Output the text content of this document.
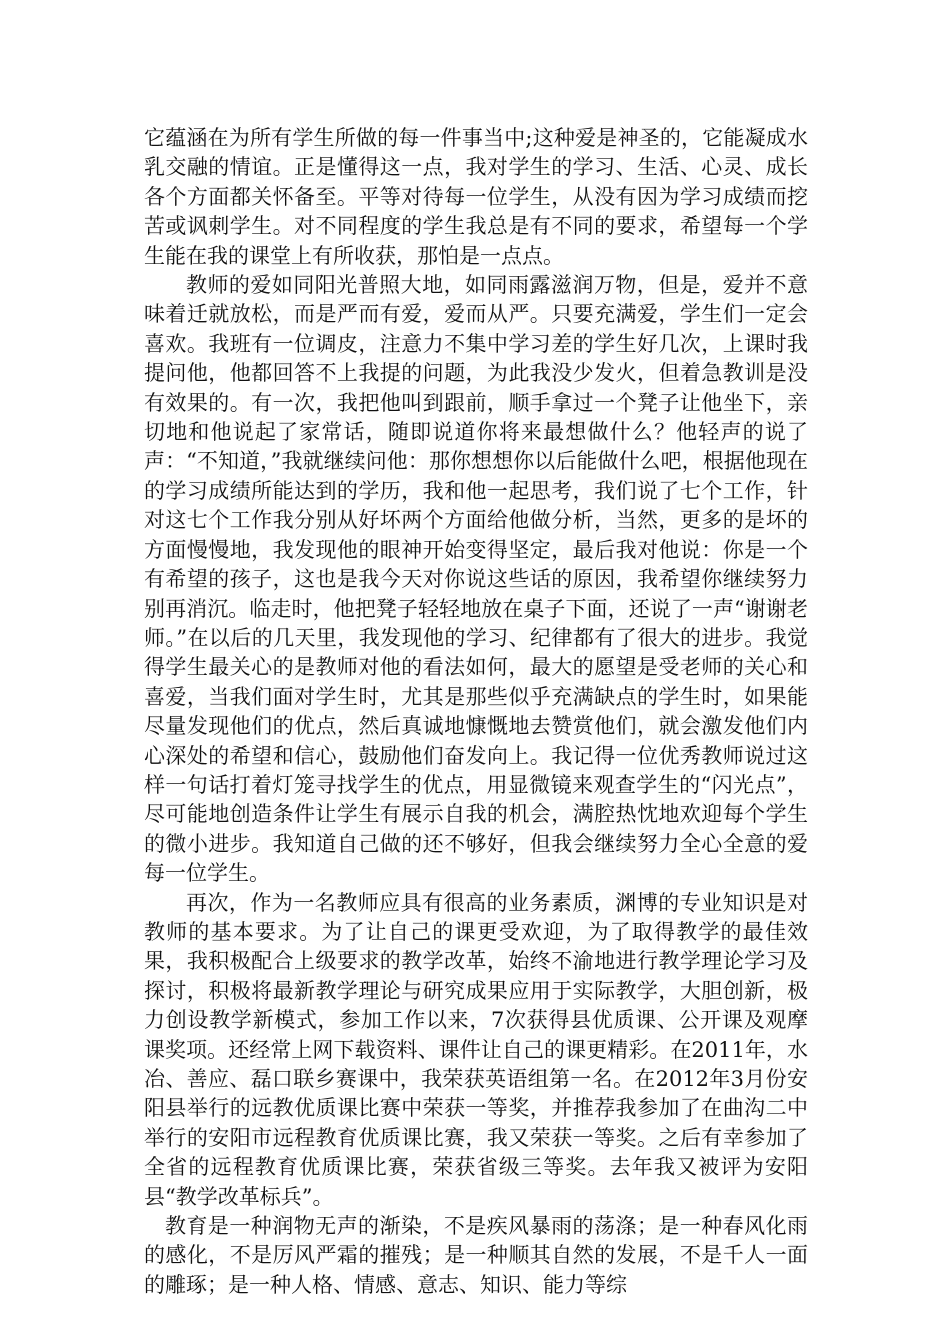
它蕴涵在为所有学生所做的每一件事当中;这种爱是神圣的，它能凝成水乳交融的情谊。正是懂得这一点，我对学生的学习、生活、心灵、成长各个方面都关怀备至。平等对待每一位学生，从没有因为学习成绩而挖苦或讽刺学生。对不同程度的学生我总是有不同的要求，希望每一个学生能在我的课堂上有所收获，那怕是一点点。

教师的爱如同阳光普照大地，如同雨露滋润万物，但是，爱并不意味着迁就放松，而是严而有爱，爱而从严。只要充满爱，学生们一定会喜欢。我班有一位调皮，注意力不集中学习差的学生好几次，上课时我提问他，他都回答不上我提的问题，为此我没少发火，但着急教训是没有效果的。有一次，我把他叫到跟前，顺手拿过一个凳子让他坐下，亲切地和他说起了家常话，随即说道你将来最想做什么？他轻声的说了声：“不知道，”我就继续问他：那你想想你以后能做什么吧，根据他现在的学习成绩所能达到的学历，我和他一起思考，我们说了七个工作，针对这七个工作我分别从好坏两个方面给他做分析，当然，更多的是坏的方面慢慢地，我发现他的眼神开始变得坚定，最后我对他说：你是一个有希望的孩子，这也是我今天对你说这些话的原因，我希望你继续努力别再消沉。临走时，他把凳子轻轻地放在桌子下面，还说了一声“谢谢老师。”在以后的几天里，我发现他的学习、纪律都有了很大的进步。我觉得学生最关心的是教师对他的看法如何，最大的愿望是受老师的关心和喜爱，当我们面对学生时，尤其是那些似乎充满缺点的学生时，如果能尽量发现他们的优点，然后真诚地慷慨地去赞赏他们，就会激发他们内心深处的希望和信心，鼓励他们奋发向上。我记得一位优秀教师说过这样一句话打着灯笼寻找学生的优点，用显微镜来观查学生的“闪光点”，尽可能地创造条件让学生有展示自我的机会，满腔热忱地欢迎每个学生的微小进步。我知道自己做的还不够好，但我会继续努力全心全意的爱每一位学生。

再次，作为一名教师应具有很高的业务素质，渊博的专业知识是对教师的基本要求。为了让自己的课更受欢迎，为了取得教学的最佳效果，我积极配合上级要求的教学改革，始终不渝地进行教学理论学习及探讨，积极将最新教学理论与研究成果应用于实际教学，大胆创新，极力创设教学新模式，参加工作以来，7次获得县优质课、公开课及观摩课奖项。还经常上网下载资料、课件让自己的课更精彩。在2011年，水冶、善应、磊口联乡赛课中，我荣获英语组第一名。在2012年3月份安阳县举行的远教优质课比赛中荣获一等奖，并推荐我参加了在曲沟二中举行的安阳市远程教育优质课比赛，我又荣获一等奖。之后有幸参加了全省的远程教育优质课比赛，荣获省级三等奖。去年我又被评为安阳县“教学改革标兵”。

教育是一种润物无声的渐染，不是疾风暴雨的荡涤；是一种春风化雨的感化，不是厉风严霜的摧残；是一种顺其自然的发展，不是千人一面的雕琢；是一种人格、情感、意志、知识、能力等综
